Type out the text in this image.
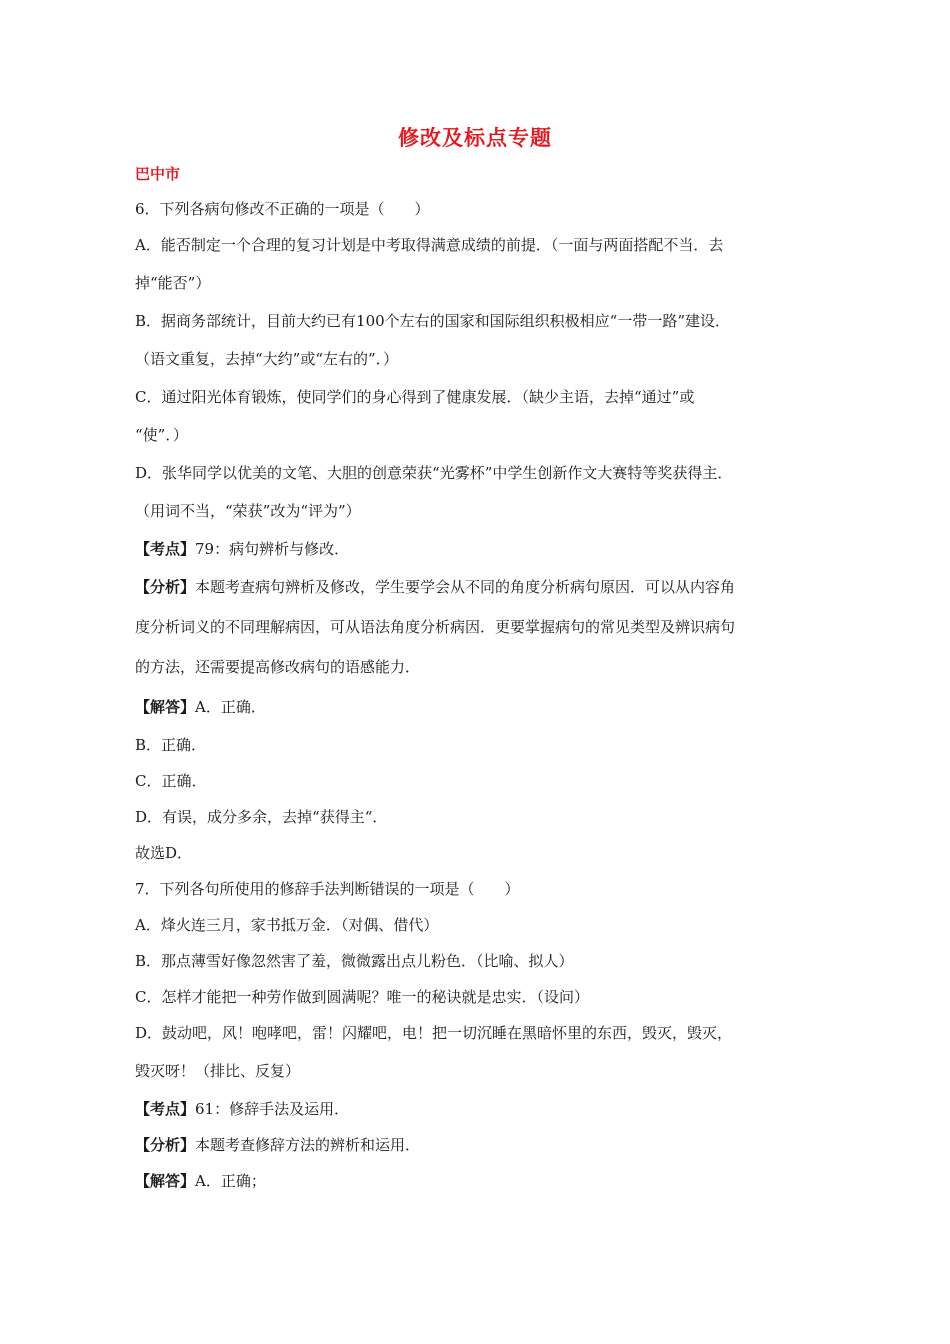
修改及标点专题
巴中市
6．下列各病句修改不正确的一项是（　　）
A．能否制定一个合理的复习计划是中考取得满意成绩的前提．（一面与两面搭配不当．去
掉“能否”）
B．据商务部统计，目前大约已有100个左右的国家和国际组织积极相应“一带一路”建设．
（语文重复，去掉“大约”或“左右的”．）
C．通过阳光体育锻炼，使同学们的身心得到了健康发展．（缺少主语，去掉“通过”或
“使”．）
D．张华同学以优美的文笔、大胆的创意荣获“光雾杯”中学生创新作文大赛特等奖获得主．
（用词不当，“荣获”改为“评为”）
【考点】79：病句辨析与修改．
【分析】本题考查病句辨析及修改，学生要学会从不同的角度分析病句原因．可以从内容角
度分析词义的不同理解病因，可从语法角度分析病因．更要掌握病句的常见类型及辨识病句
的方法，还需要提高修改病句的语感能力．
【解答】A．正确．
B．正确．
C．正确．
D．有误，成分多余，去掉“获得主“．
故选D．
7．下列各句所使用的修辞手法判断错误的一项是（　　）
A．烽火连三月，家书抵万金．（对偶、借代）
B．那点薄雪好像忽然害了羞，微微露出点儿粉色．（比喻、拟人）
C．怎样才能把一种劳作做到圆满呢？唯一的秘诀就是忠实．（设问）
D．鼓动吧，风！咆哮吧，雷！闪耀吧，电！把一切沉睡在黑暗怀里的东西，毁灭，毁灭，
毁灭呀！（排比、反复）
【考点】61：修辞手法及运用．
【分析】本题考查修辞方法的辨析和运用．
【解答】A．正确；
